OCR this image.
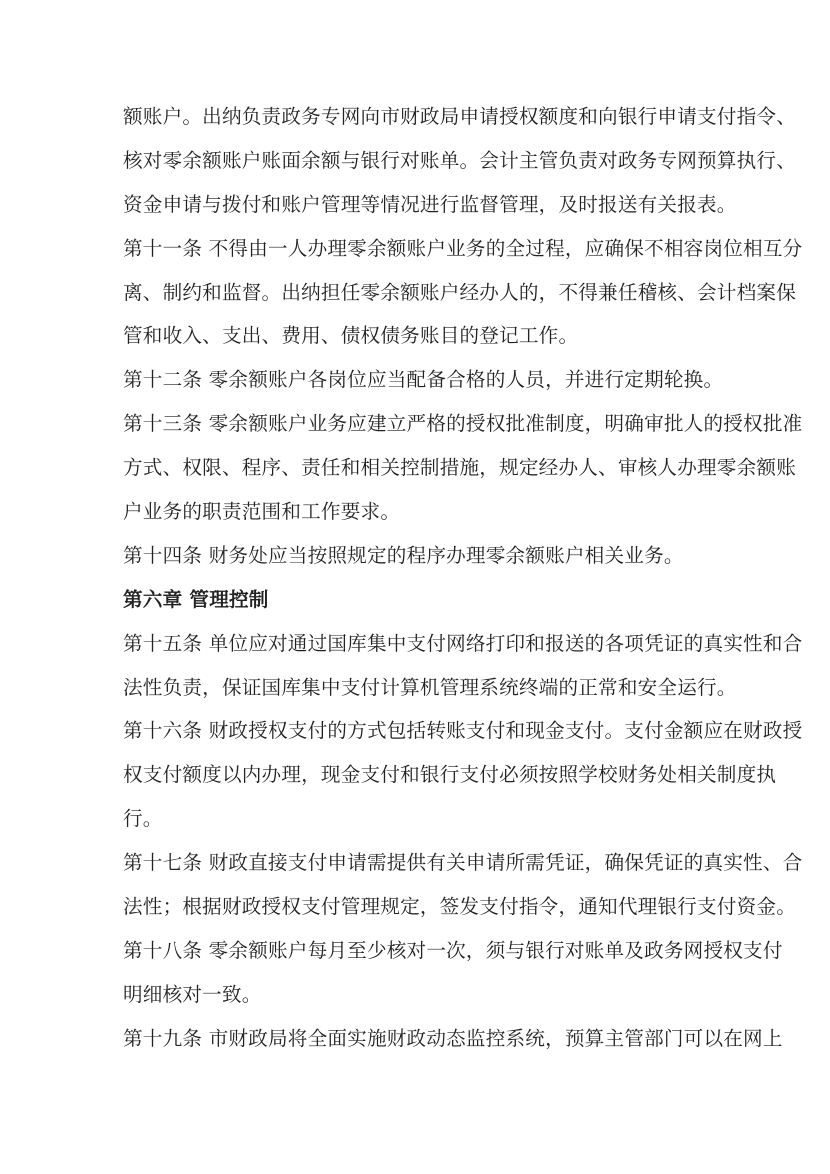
额账户。出纳负责政务专网向市财政局申请授权额度和向银行申请支付指令、
核对零余额账户账面余额与银行对账单。会计主管负责对政务专网预算执行、
资金申请与拨付和账户管理等情况进行监督管理，及时报送有关报表。
第十一条 不得由一人办理零余额账户业务的全过程，应确保不相容岗位相互分
离、制约和监督。出纳担任零余额账户经办人的，不得兼任稽核、会计档案保
管和收入、支出、费用、债权债务账目的登记工作。
第十二条 零余额账户各岗位应当配备合格的人员，并进行定期轮换。
第十三条 零余额账户业务应建立严格的授权批准制度，明确审批人的授权批准
方式、权限、程序、责任和相关控制措施，规定经办人、审核人办理零余额账
户业务的职责范围和工作要求。
第十四条 财务处应当按照规定的程序办理零余额账户相关业务。
第六章 管理控制
第十五条 单位应对通过国库集中支付网络打印和报送的各项凭证的真实性和合
法性负责，保证国库集中支付计算机管理系统终端的正常和安全运行。
第十六条 财政授权支付的方式包括转账支付和现金支付。支付金额应在财政授
权支付额度以内办理，现金支付和银行支付必须按照学校财务处相关制度执
行。
第十七条 财政直接支付申请需提供有关申请所需凭证，确保凭证的真实性、合
法性；根据财政授权支付管理规定，签发支付指令，通知代理银行支付资金。
第十八条 零余额账户每月至少核对一次，须与银行对账单及政务网授权支付
明细核对一致。
第十九条 市财政局将全面实施财政动态监控系统，预算主管部门可以在网上
